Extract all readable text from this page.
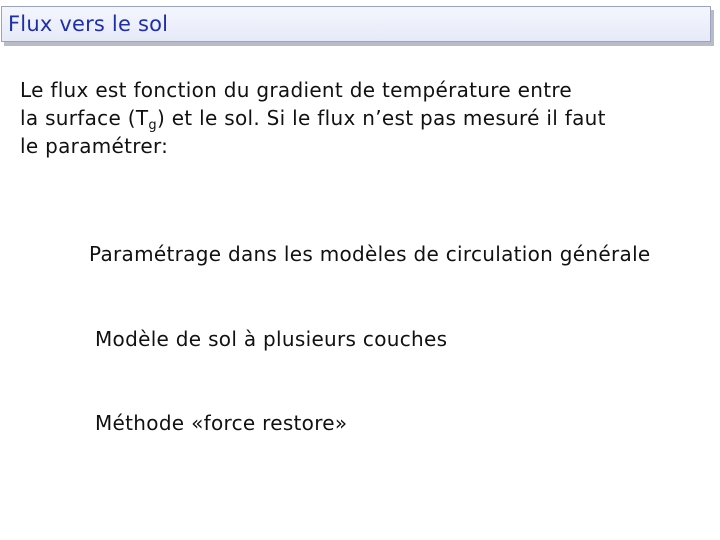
Flux vers le sol
Le flux est fonction du gradient de température entre
la surface $(T_g)$ et le sol. Si le flux n’est pas mesuré il faut
le paramétrer:
Paramétrage dans les modèles de circulation générale
Modèle de sol à plusieurs couches
Méthode «force restore»
